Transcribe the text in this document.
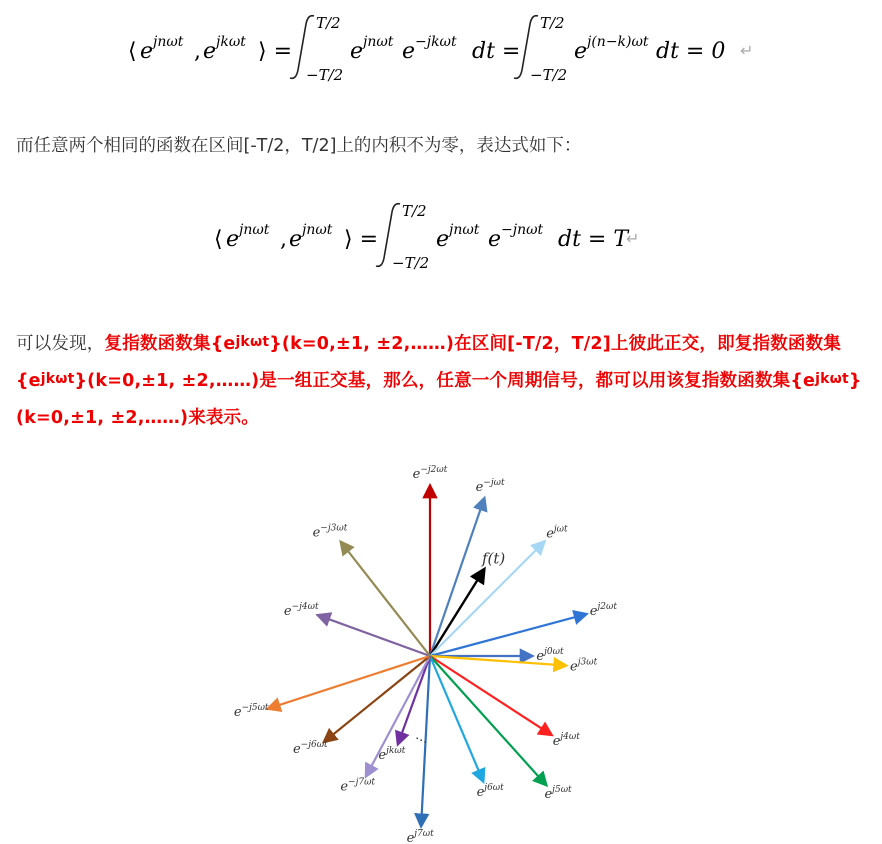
⟨ e jnωt , e jkωt ⟩ =
T/2
−T/2
e jnωt e −jkωt dt =
T/2
−T/2
e j(n−k)ωt dt = 0 ↵
而任意两个相同的函数在区间[-T/2，T/2]上的内积不为零，表达式如下：
⟨ e jnωt , e jnωt ⟩ =
T/2
−T/2
e jnωt e −jnωt dt = T
↵
可以发现，复指数函数集$\{e^{jk\omega t}\}(k=0,\pm 1$, ±2,……)在区间[-T/2，T/2]上彼此正交，即复指数函数集$\{e^{jk\omega t}\}(k=0,\pm 1$, ±2,……)是一组正交基，那么，任意一个周期信号，都可以用该复指数函数集$\{e^{jk\omega t}\}(k=0,\pm 1$, ±2,……)来表示。
$e^{-j2\omega t}$
$e^{-j\omega t}$
f(t)
$e^{j\omega t}$
$e^{j2\omega t}$
$e^{j0\omega t}$
$e^{j3\omega t}$
$e^{j4\omega t}$
$e^{j5\omega t}$
$e^{j6\omega t}$
$e^{j7\omega t}$
$e^{jk\omega t}$
$e^{-j7\omega t}$
$e^{-j6\omega t}$
$e^{-j5\omega t}$
$e^{-j4\omega t}$
$e^{-j3\omega t}$
…
